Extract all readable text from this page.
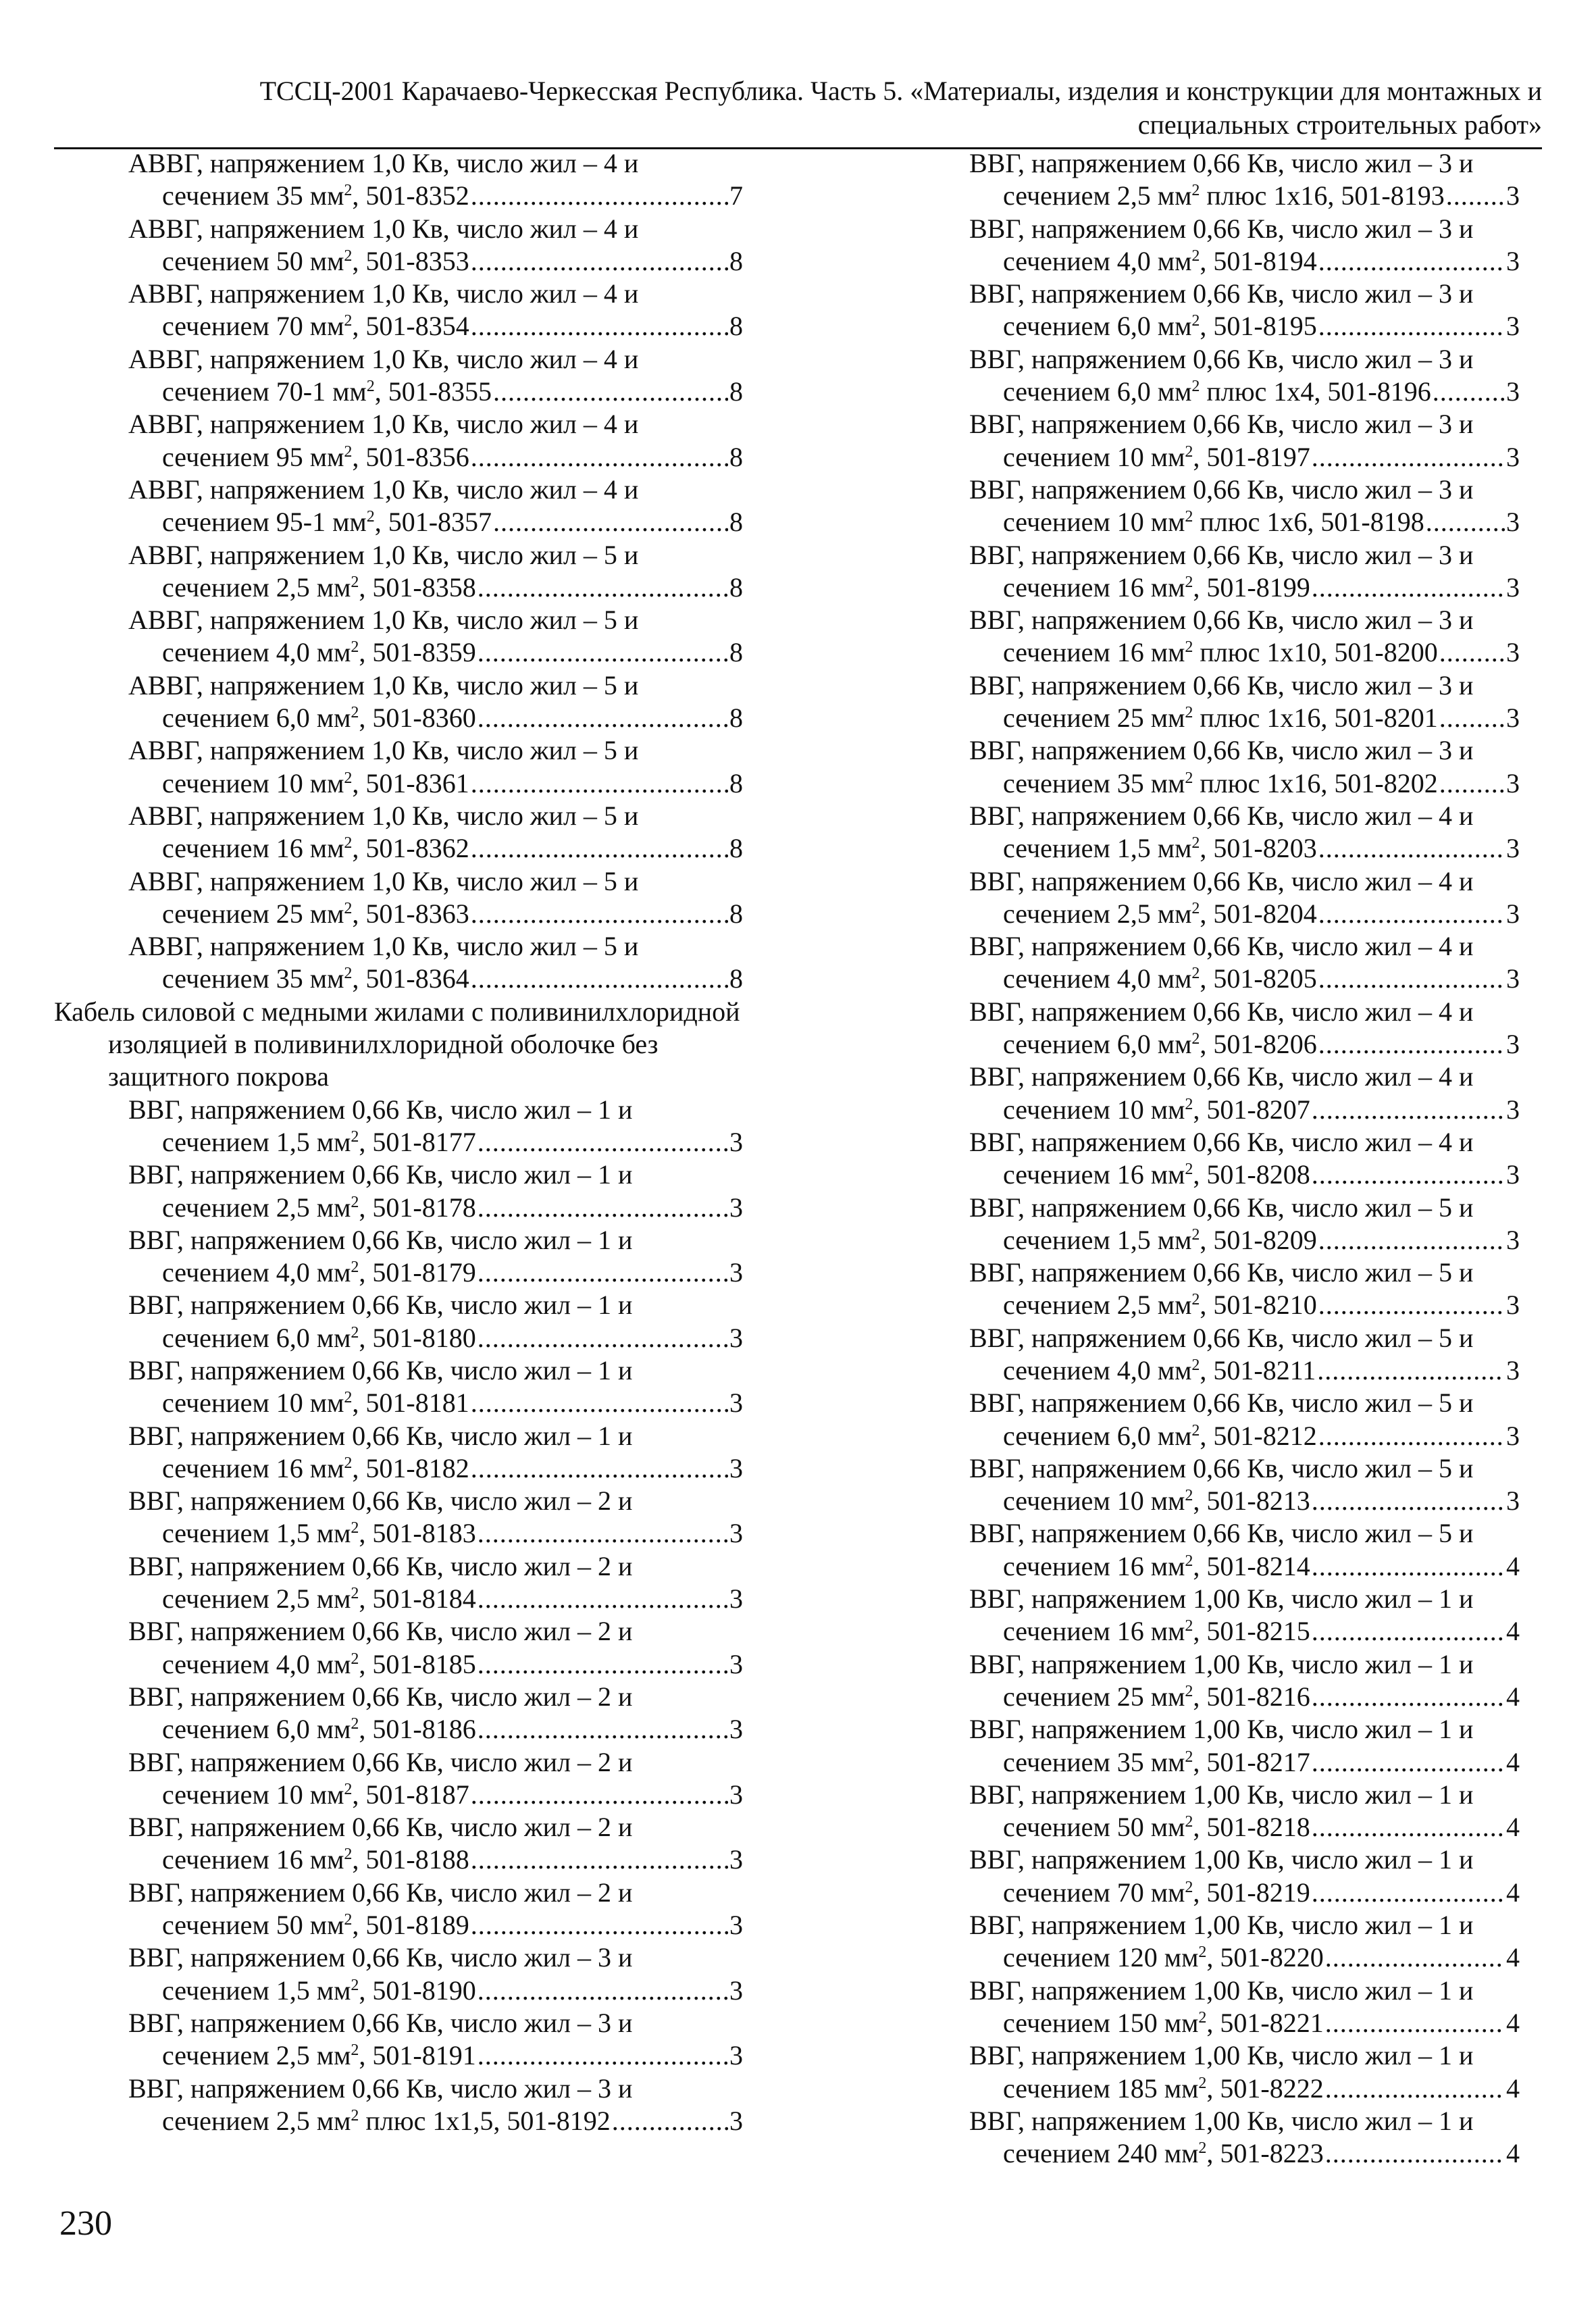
ТССЦ-2001 Карачаево-Черкесская Республика. Часть 5. «Материалы, изделия и конструкции для монтажных и
специальных строительных работ»
АВВГ, напряжением 1,0 Кв, число жил – 4 и
сечением 35 $мм^2$, 501-8352 .....	7
АВВГ, напряжением 1,0 Кв, число жил – 4 и
сечением 50 $мм^2$, 501-8353 .....	8
АВВГ, напряжением 1,0 Кв, число жил – 4 и
сечением 70 $мм^2$, 501-8354 .....	8
АВВГ, напряжением 1,0 Кв, число жил – 4 и
сечением 70-1 $мм^2$, 501-8355 .....	8
АВВГ, напряжением 1,0 Кв, число жил – 4 и
сечением 95 $мм^2$, 501-8356 .....	8
АВВГ, напряжением 1,0 Кв, число жил – 4 и
сечением 95-1 $мм^2$, 501-8357 .....	8
АВВГ, напряжением 1,0 Кв, число жил – 5 и
сечением 2,5 $мм^2$, 501-8358 .....	8
АВВГ, напряжением 1,0 Кв, число жил – 5 и
сечением 4,0 $мм^2$, 501-8359 .....	8
АВВГ, напряжением 1,0 Кв, число жил – 5 и
сечением 6,0 $мм^2$, 501-8360 .....	8
АВВГ, напряжением 1,0 Кв, число жил – 5 и
сечением 10 $мм^2$, 501-8361 .....	8
АВВГ, напряжением 1,0 Кв, число жил – 5 и
сечением 16 $мм^2$, 501-8362 .....	8
АВВГ, напряжением 1,0 Кв, число жил – 5 и
сечением 25 $мм^2$, 501-8363 .....	8
АВВГ, напряжением 1,0 Кв, число жил – 5 и
сечением 35 $мм^2$, 501-8364 .....	8
Кабель силовой с медными жилами с поливинилхлоридной изоляцией в поливинилхлоридной оболочке без защитного покрова
ВВГ, напряжением 0,66 Кв, число жил – 1 и
сечением 1,5 $мм^2$, 501-8177 .....	3
ВВГ, напряжением 0,66 Кв, число жил – 1 и
сечением 2,5 $мм^2$, 501-8178 .....	3
ВВГ, напряжением 0,66 Кв, число жил – 1 и
сечением 4,0 $мм^2$, 501-8179 .....	3
ВВГ, напряжением 0,66 Кв, число жил – 1 и
сечением 6,0 $мм^2$, 501-8180 .....	3
ВВГ, напряжением 0,66 Кв, число жил – 1 и
сечением 10 $мм^2$, 501-8181 .....	3
ВВГ, напряжением 0,66 Кв, число жил – 1 и
сечением 16 $мм^2$, 501-8182 .....	3
ВВГ, напряжением 0,66 Кв, число жил – 2 и
сечением 1,5 $мм^2$, 501-8183 .....	3
ВВГ, напряжением 0,66 Кв, число жил – 2 и
сечением 2,5 $мм^2$, 501-8184 .....	3
ВВГ, напряжением 0,66 Кв, число жил – 2 и
сечением 4,0 $мм^2$, 501-8185 .....	3
ВВГ, напряжением 0,66 Кв, число жил – 2 и
сечением 6,0 $мм^2$, 501-8186 .....	3
ВВГ, напряжением 0,66 Кв, число жил – 2 и
сечением 10 $мм^2$, 501-8187 .....	3
ВВГ, напряжением 0,66 Кв, число жил – 2 и
сечением 16 $мм^2$, 501-8188 .....	3
ВВГ, напряжением 0,66 Кв, число жил – 2 и
сечением 50 $мм^2$, 501-8189 .....	3
ВВГ, напряжением 0,66 Кв, число жил – 3 и
сечением 1,5 $мм^2$, 501-8190 .....	3
ВВГ, напряжением 0,66 Кв, число жил – 3 и
сечением 2,5 $мм^2$, 501-8191 .....	3
ВВГ, напряжением 0,66 Кв, число жил – 3 и
сечением 2,5 $мм^2$ плюс 1х1,5, 501-8192 .....	3
ВВГ, напряжением 0,66 Кв, число жил – 3 и
сечением 2,5 $мм^2$ плюс 1х16, 501-8193 ..... 3
ВВГ, напряжением 0,66 Кв, число жил – 3 и
сечением 4,0 $мм^2$, 501-8194 .....	3
ВВГ, напряжением 0,66 Кв, число жил – 3 и
сечением 6,0 $мм^2$, 501-8195 .....	3
ВВГ, напряжением 0,66 Кв, число жил – 3 и
сечением 6,0 $мм^2$ плюс 1х4, 501-8196 .....	3
ВВГ, напряжением 0,66 Кв, число жил – 3 и
сечением 10 $мм^2$, 501-8197 .....	3
ВВГ, напряжением 0,66 Кв, число жил – 3 и
сечением 10 $мм^2$ плюс 1х6, 501-8198 .....	3
ВВГ, напряжением 0,66 Кв, число жил – 3 и
сечением 16 $мм^2$, 501-8199 .....	3
ВВГ, напряжением 0,66 Кв, число жил – 3 и
сечением 16 $мм^2$ плюс 1х10, 501-8200 .....	3
ВВГ, напряжением 0,66 Кв, число жил – 3 и
сечением 25 $мм^2$ плюс 1х16, 501-8201 .....	3
ВВГ, напряжением 0,66 Кв, число жил – 3 и
сечением 35 $мм^2$ плюс 1х16, 501-8202 .....	3
ВВГ, напряжением 0,66 Кв, число жил – 4 и
сечением 1,5 $мм^2$, 501-8203 .....	3
ВВГ, напряжением 0,66 Кв, число жил – 4 и
сечением 2,5 $мм^2$, 501-8204 .....	3
ВВГ, напряжением 0,66 Кв, число жил – 4 и
сечением 4,0 $мм^2$, 501-8205 .....	3
ВВГ, напряжением 0,66 Кв, число жил – 4 и
сечением 6,0 $мм^2$, 501-8206 .....	3
ВВГ, напряжением 0,66 Кв, число жил – 4 и
сечением 10 $мм^2$, 501-8207 .....	3
ВВГ, напряжением 0,66 Кв, число жил – 4 и
сечением 16 $мм^2$, 501-8208 .....	3
ВВГ, напряжением 0,66 Кв, число жил – 5 и
сечением 1,5 $мм^2$, 501-8209 .....	3
ВВГ, напряжением 0,66 Кв, число жил – 5 и
сечением 2,5 $мм^2$, 501-8210 .....	3
ВВГ, напряжением 0,66 Кв, число жил – 5 и
сечением 4,0 $мм^2$, 501-8211 .....	3
ВВГ, напряжением 0,66 Кв, число жил – 5 и
сечением 6,0 $мм^2$, 501-8212 .....	3
ВВГ, напряжением 0,66 Кв, число жил – 5 и
сечением 10 $мм^2$, 501-8213 .....	3
ВВГ, напряжением 0,66 Кв, число жил – 5 и
сечением 16 $мм^2$, 501-8214 .....	4
ВВГ, напряжением 1,00 Кв, число жил – 1 и
сечением 16 $мм^2$, 501-8215 .....	4
ВВГ, напряжением 1,00 Кв, число жил – 1 и
сечением 25 $мм^2$, 501-8216 .....	4
ВВГ, напряжением 1,00 Кв, число жил – 1 и
сечением 35 $мм^2$, 501-8217 .....	4
ВВГ, напряжением 1,00 Кв, число жил – 1 и
сечением 50 $мм^2$, 501-8218 .....	4
ВВГ, напряжением 1,00 Кв, число жил – 1 и
сечением 70 $мм^2$, 501-8219 .....	4
ВВГ, напряжением 1,00 Кв, число жил – 1 и
сечением 120 $мм^2$, 501-8220 .....	4
ВВГ, напряжением 1,00 Кв, число жил – 1 и
сечением 150 $мм^2$, 501-8221 .....	4
ВВГ, напряжением 1,00 Кв, число жил – 1 и
сечением 185 $мм^2$, 501-8222 .....	4
ВВГ, напряжением 1,00 Кв, число жил – 1 и
сечением 240 $мм^2$, 501-8223 .....	4
230
